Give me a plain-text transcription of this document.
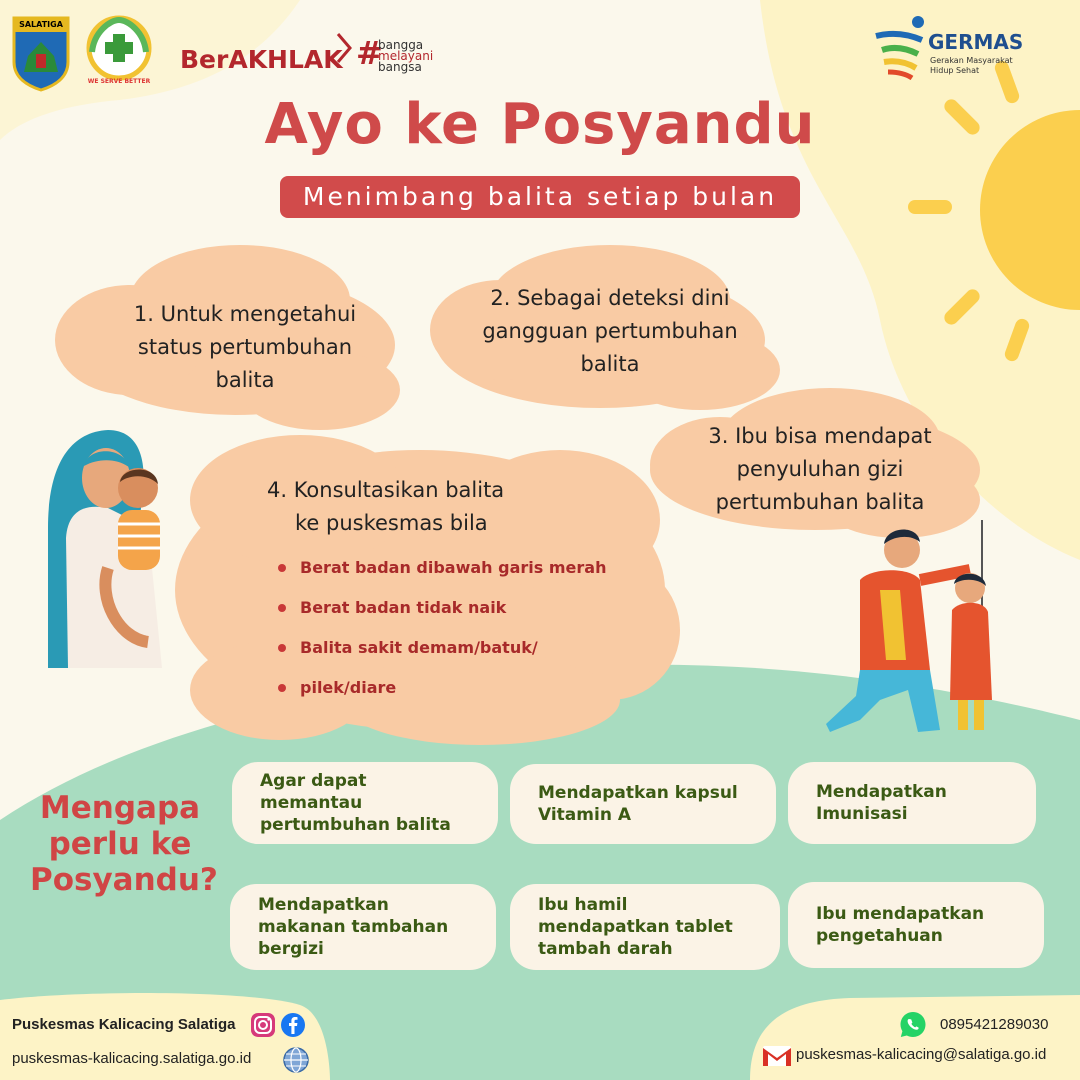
SALATIGA
WE SERVE BETTER
BerAKHLAK #
bangga
melayani
bangsa
GERMAS
Gerakan Masyarakat
Hidup Sehat
Ayo ke Posyandu
Menimbang balita setiap bulan
1. Untuk mengetahui
status pertumbuhan
balita
2. Sebagai deteksi dini
gangguan pertumbuhan
balita
3. Ibu bisa mendapat
penyuluhan gizi
pertumbuhan balita
4. Konsultasikan balita
ke puskesmas bila
Berat badan dibawah garis merah
Berat badan tidak naik
Balita sakit demam/batuk/
pilek/diare
Mengapa
perlu ke
Posyandu?
Agar dapat memantau pertumbuhan balita
Mendapatkan kapsul Vitamin A
Mendapatkan Imunisasi
Mendapatkan makanan tambahan bergizi
Ibu hamil mendapatkan tablet tambah darah
Ibu mendapatkan pengetahuan
Puskesmas Kalicacing Salatiga
puskesmas-kalicacing.salatiga.go.id
0895421289030
puskesmas-kalicacing@salatiga.go.id
